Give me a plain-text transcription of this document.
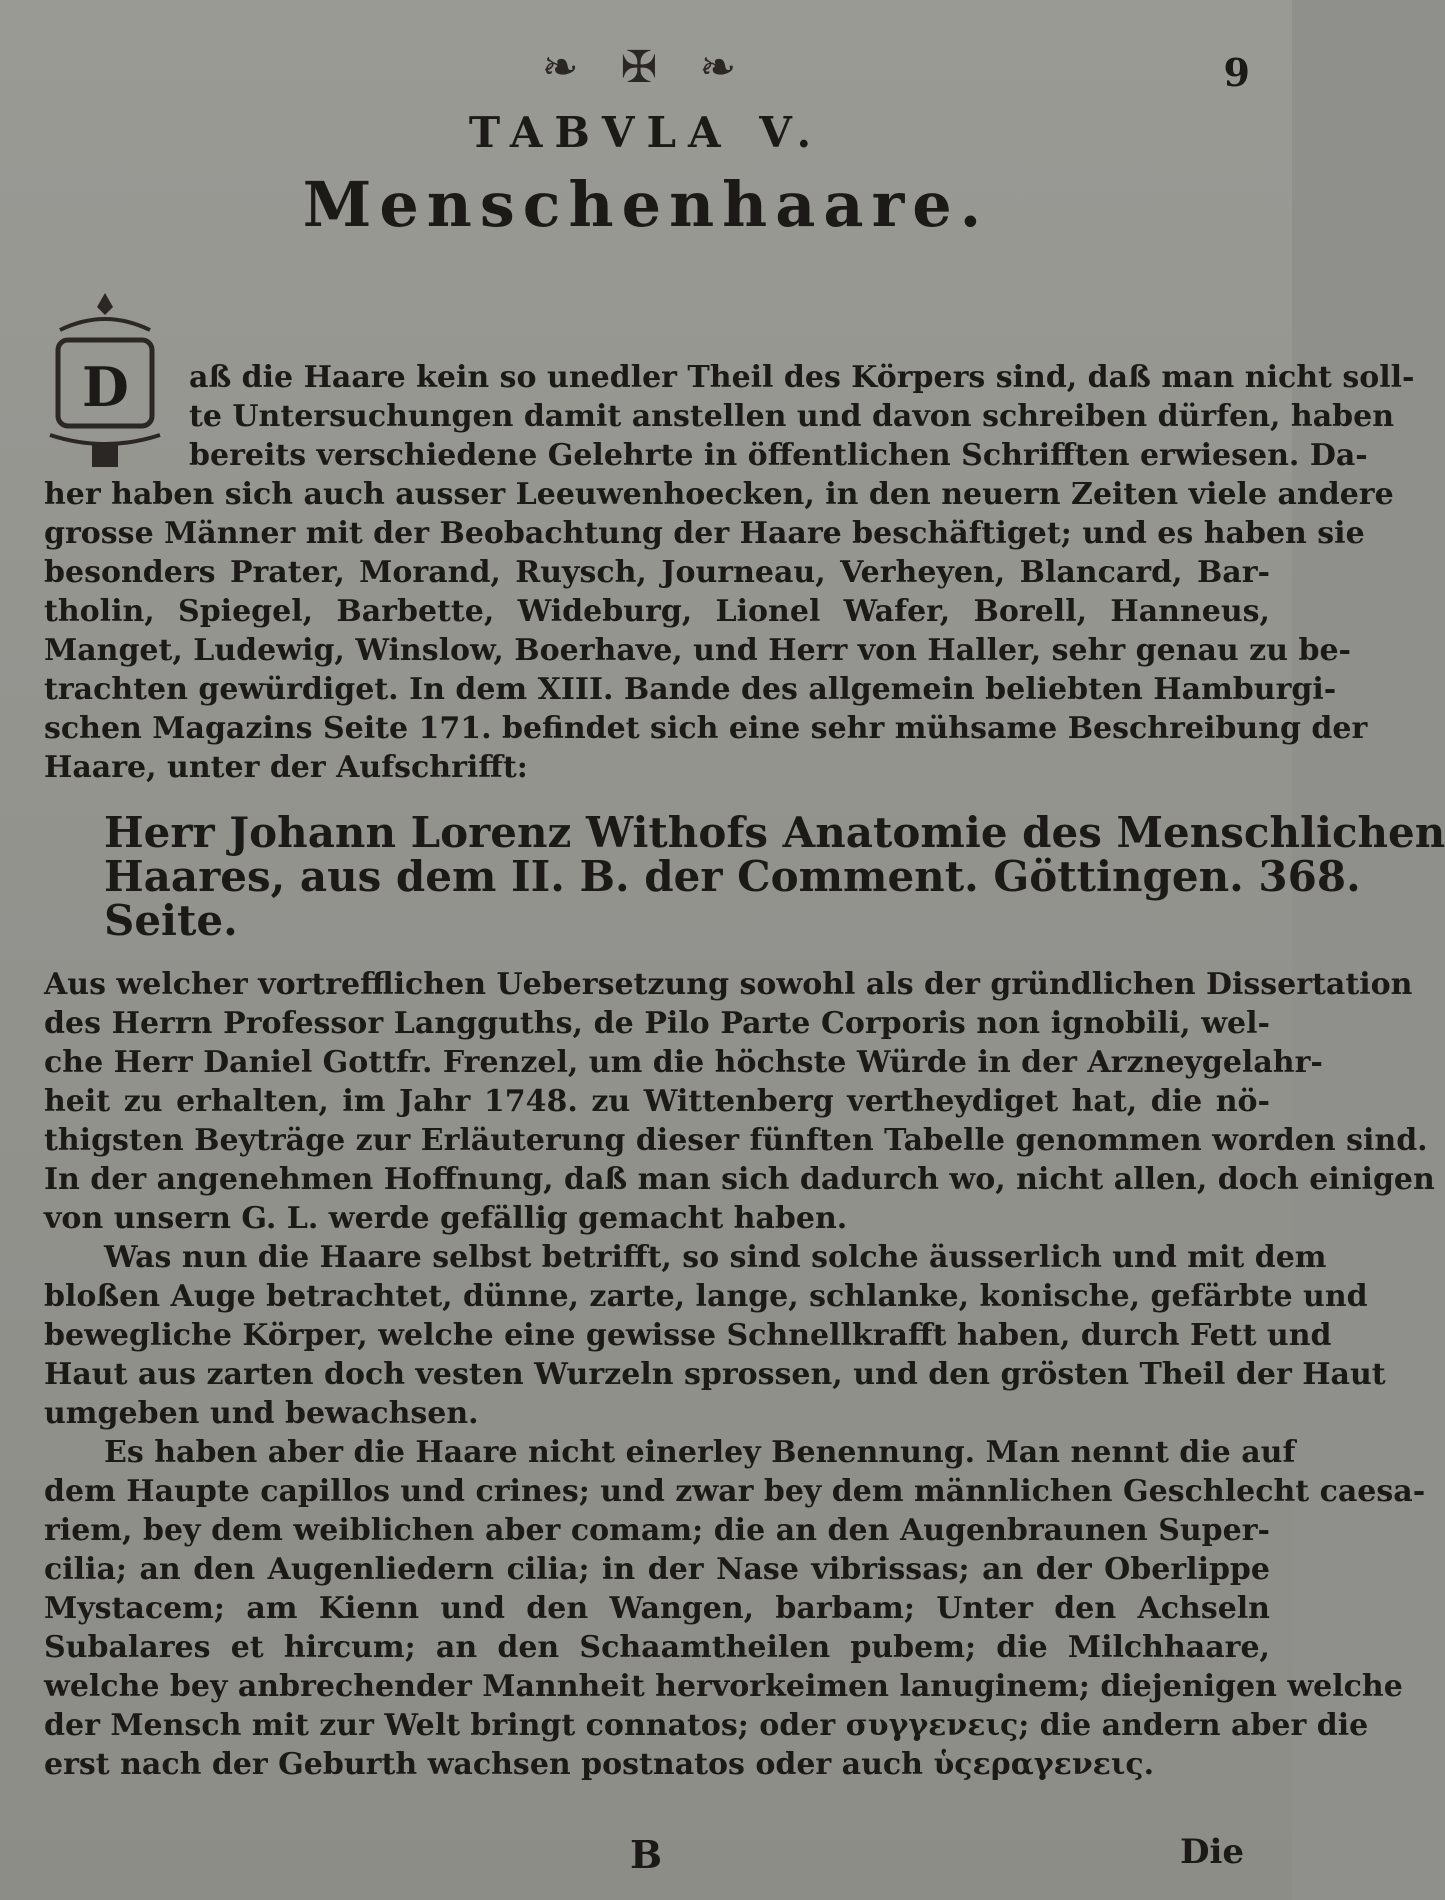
❧ ✠ ❧	9
TABVLA V.
Menschenhaare.
D	aß die Haare kein so unedler Theil des Körpers sind, daß man nicht soll-
te Untersuchungen damit anstellen und davon schreiben dürfen, haben
bereits verschiedene Gelehrte in öffentlichen Schrifften erwiesen. Da-
her haben sich auch ausser Leeuwenhoecken, in den neuern Zeiten viele andere
grosse Männer mit der Beobachtung der Haare beschäftiget; und es haben sie
besonders Prater, Morand, Ruysch, Journeau, Verheyen, Blancard, Bar-
tholin, Spiegel, Barbette, Wideburg, Lionel Wafer, Borell, Hanneus,
Manget, Ludewig, Winslow, Boerhave, und Herr von Haller, sehr genau zu be-
trachten gewürdiget. In dem XIII. Bande des allgemein beliebten Hamburgi-
schen Magazins Seite 171. befindet sich eine sehr mühsame Beschreibung der
Haare, unter der Aufschrifft:
Herr Johann Lorenz Withofs Anatomie des Menschlichen
Haares, aus dem II. B. der Comment. Göttingen. 368.
Seite.
Aus welcher vortrefflichen Uebersetzung sowohl als der gründlichen Dissertation
des Herrn Professor Langguths, de Pilo Parte Corporis non ignobili, wel-
che Herr Daniel Gottfr. Frenzel, um die höchste Würde in der Arzneygelahr-
heit zu erhalten, im Jahr 1748. zu Wittenberg vertheydiget hat, die nö-
thigsten Beyträge zur Erläuterung dieser fünften Tabelle genommen worden sind.
In der angenehmen Hoffnung, daß man sich dadurch wo, nicht allen, doch einigen
von unsern G. L. werde gefällig gemacht haben.
Was nun die Haare selbst betrifft, so sind solche äusserlich und mit dem
bloßen Auge betrachtet, dünne, zarte, lange, schlanke, konische, gefärbte und
bewegliche Körper, welche eine gewisse Schnellkrafft haben, durch Fett und
Haut aus zarten doch vesten Wurzeln sprossen, und den grösten Theil der Haut
umgeben und bewachsen.
Es haben aber die Haare nicht einerley Benennung. Man nennt die auf
dem Haupte capillos und crines; und zwar bey dem männlichen Geschlecht caesa-
riem, bey dem weiblichen aber comam; die an den Augenbraunen Super-
cilia; an den Augenliedern cilia; in der Nase vibrissas; an der Oberlippe
Mystacem; am Kienn und den Wangen, barbam; Unter den Achseln
Subalares et hircum; an den Schaamtheilen pubem; die Milchhaare,
welche bey anbrechender Mannheit hervorkeimen lanuginem; diejenigen welche
der Mensch mit zur Welt bringt connatos; oder συγγενεις; die andern aber die
erst nach der Geburth wachsen postnatos oder auch ὑςεραγενεις.
B	Die
